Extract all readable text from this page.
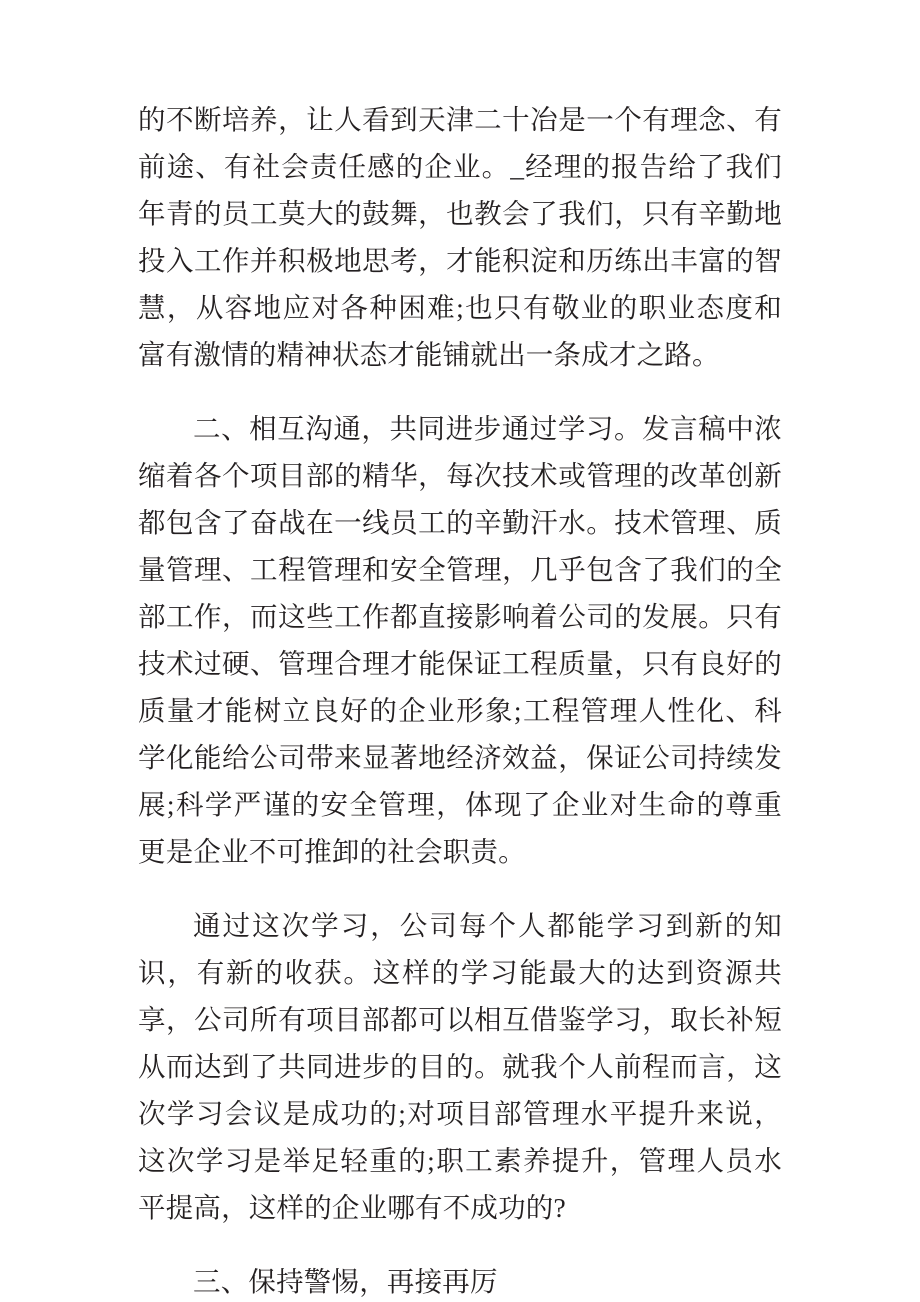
的不断培养，让人看到天津二十冶是一个有理念、有前途、有社会责任感的企业。_经理的报告给了我们年青的员工莫大的鼓舞，也教会了我们，只有辛勤地投入工作并积极地思考，才能积淀和历练出丰富的智慧，从容地应对各种困难;也只有敬业的职业态度和富有激情的精神状态才能铺就出一条成才之路。

二、相互沟通，共同进步通过学习。发言稿中浓缩着各个项目部的精华，每次技术或管理的改革创新都包含了奋战在一线员工的辛勤汗水。技术管理、质量管理、工程管理和安全管理，几乎包含了我们的全部工作，而这些工作都直接影响着公司的发展。只有技术过硬、管理合理才能保证工程质量，只有良好的质量才能树立良好的企业形象;工程管理人性化、科学化能给公司带来显著地经济效益，保证公司持续发展;科学严谨的安全管理，体现了企业对生命的尊重更是企业不可推卸的社会职责。

通过这次学习，公司每个人都能学习到新的知识，有新的收获。这样的学习能最大的达到资源共享，公司所有项目部都可以相互借鉴学习，取长补短从而达到了共同进步的目的。就我个人前程而言，这次学习会议是成功的;对项目部管理水平提升来说，这次学习是举足轻重的;职工素养提升，管理人员水平提高，这样的企业哪有不成功的?

三、保持警惕，再接再厉
